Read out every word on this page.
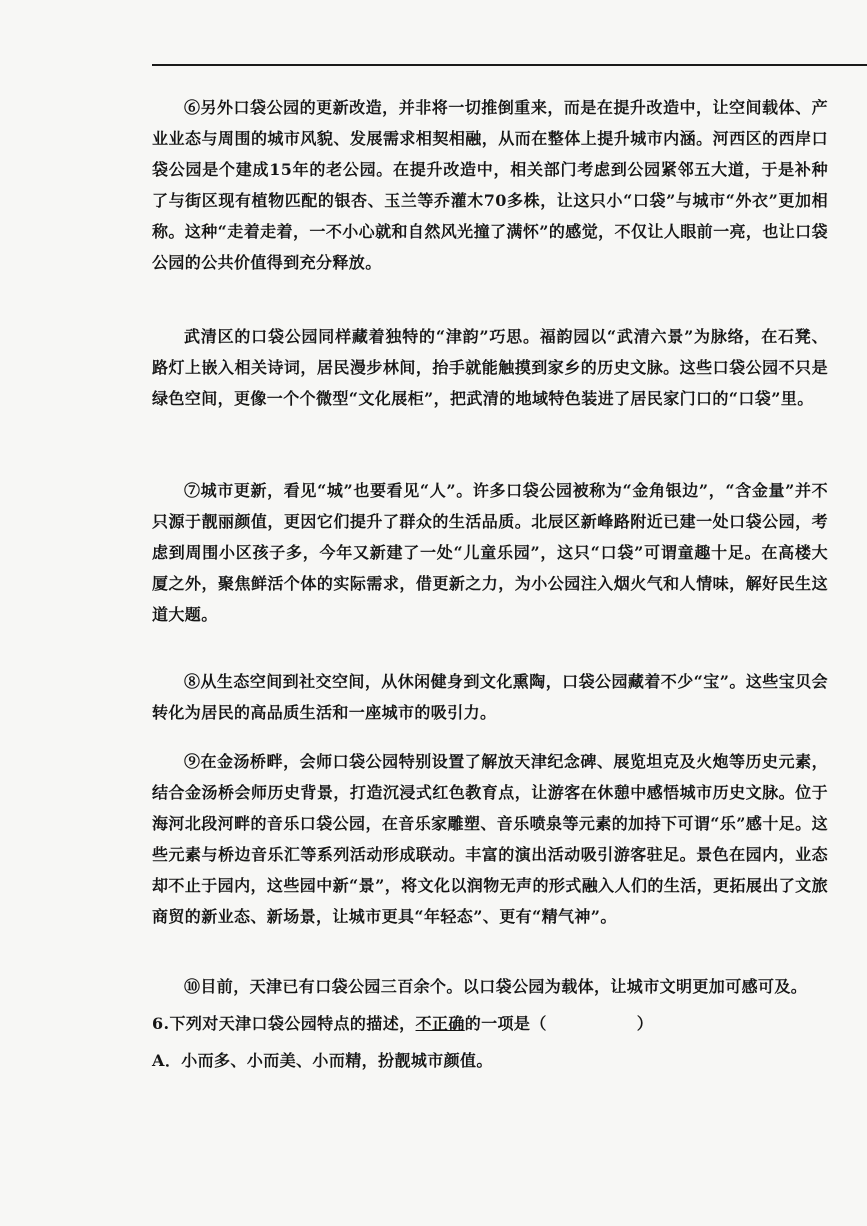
⑥另外口袋公园的更新改造，并非将一切推倒重来，而是在提升改造中，让空间载体、产业业态与周围的城市风貌、发展需求相契相融，从而在整体上提升城市内涵。河西区的西岸口袋公园是个建成15年的老公园。在提升改造中，相关部门考虑到公园紧邻五大道，于是补种了与街区现有植物匹配的银杏、玉兰等乔灌木70多株，让这只小“口袋”与城市“外衣”更加相称。这种“走着走着，一不小心就和自然风光撞了满怀”的感觉，不仅让人眼前一亮，也让口袋公园的公共价值得到充分释放。

武清区的口袋公园同样藏着独特的“津韵”巧思。福韵园以“武清六景”为脉络，在石凳、路灯上嵌入相关诗词，居民漫步林间，抬手就能触摸到家乡的历史文脉。这些口袋公园不只是绿色空间，更像一个个微型“文化展柜”，把武清的地域特色装进了居民家门口的“口袋”里。

⑦城市更新，看见“城”也要看见“人”。许多口袋公园被称为“金角银边”，“含金量”并不只源于靓丽颜值，更因它们提升了群众的生活品质。北辰区新峰路附近已建一处口袋公园，考虑到周围小区孩子多，今年又新建了一处“儿童乐园”，这只“口袋”可谓童趣十足。在高楼大厦之外，聚焦鲜活个体的实际需求，借更新之力，为小公园注入烟火气和人情味，解好民生这道大题。

⑧从生态空间到社交空间，从休闲健身到文化熏陶，口袋公园藏着不少“宝”。这些宝贝会转化为居民的高品质生活和一座城市的吸引力。

⑨在金汤桥畔，会师口袋公园特别设置了解放天津纪念碑、展览坦克及火炮等历史元素，结合金汤桥会师历史背景，打造沉浸式红色教育点，让游客在休憩中感悟城市历史文脉。位于海河北段河畔的音乐口袋公园，在音乐家雕塑、音乐喷泉等元素的加持下可谓“乐”感十足。这些元素与桥边音乐汇等系列活动形成联动。丰富的演出活动吸引游客驻足。景色在园内，业态却不止于园内，这些园中新“景”，将文化以润物无声的形式融入人们的生活，更拓展出了文旅商贸的新业态、新场景，让城市更具“年轻态”、更有“精气神”。

⑩目前，天津已有口袋公园三百余个。以口袋公园为载体，让城市文明更加可感可及。

6.下列对天津口袋公园特点的描述，不正确的一项是（	）

A．小而多、小而美、小而精，扮靓城市颜值。
